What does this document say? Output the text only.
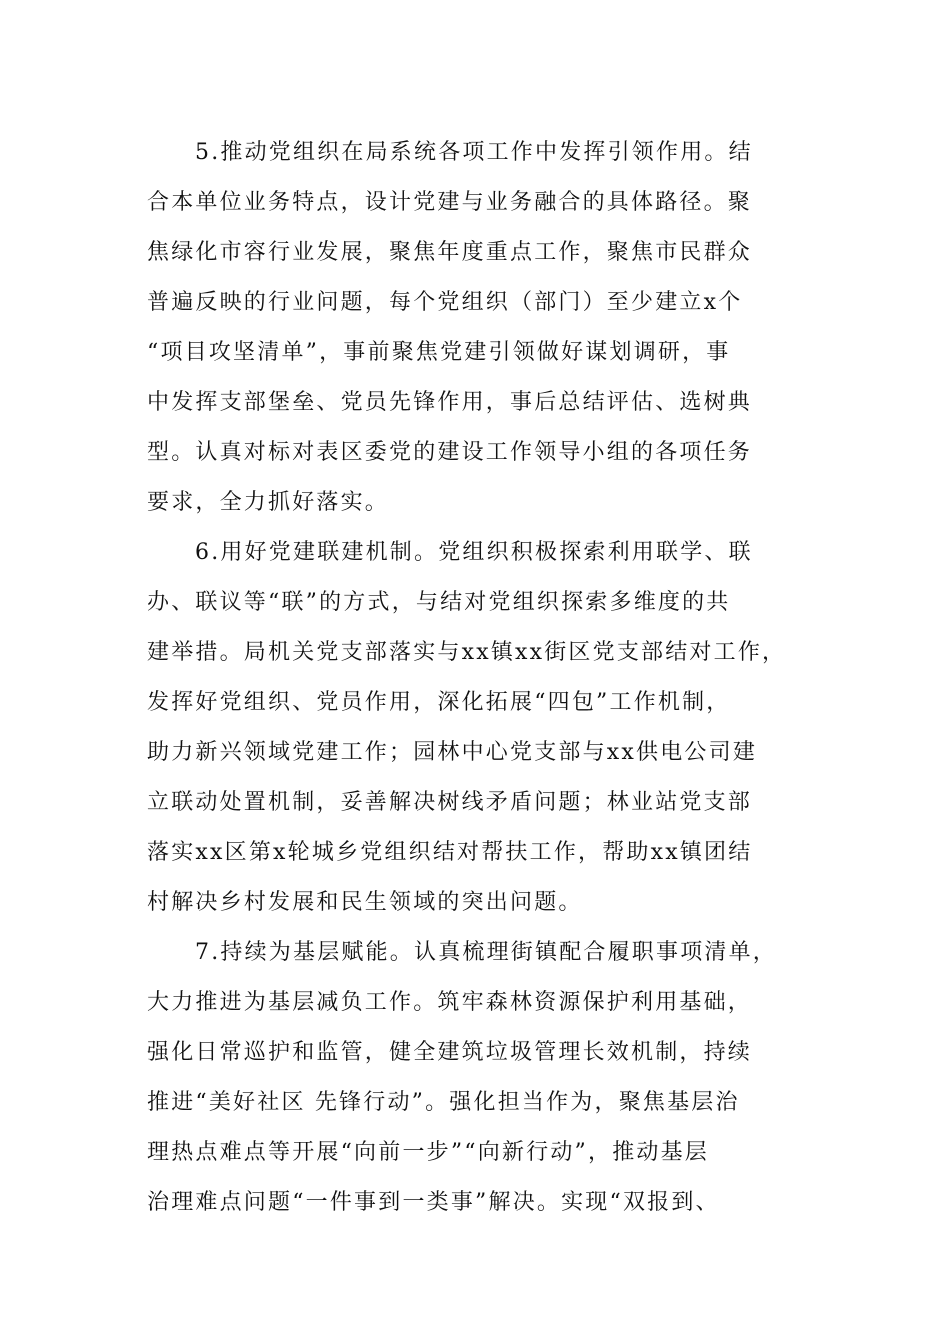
5.推动党组织在局系统各项工作中发挥引领作用。结
合本单位业务特点，设计党建与业务融合的具体路径。聚
焦绿化市容行业发展，聚焦年度重点工作，聚焦市民群众
普遍反映的行业问题，每个党组织（部门）至少建立x个
“项目攻坚清单”，事前聚焦党建引领做好谋划调研，事
中发挥支部堡垒、党员先锋作用，事后总结评估、选树典
型。认真对标对表区委党的建设工作领导小组的各项任务
要求，全力抓好落实。
6.用好党建联建机制。党组织积极探索利用联学、联
办、联议等“联”的方式，与结对党组织探索多维度的共
建举措。局机关党支部落实与xx镇xx街区党支部结对工作，
发挥好党组织、党员作用，深化拓展“四包”工作机制，
助力新兴领域党建工作；园林中心党支部与xx供电公司建
立联动处置机制，妥善解决树线矛盾问题；林业站党支部
落实xx区第x轮城乡党组织结对帮扶工作，帮助xx镇团结
村解决乡村发展和民生领域的突出问题。
7.持续为基层赋能。认真梳理街镇配合履职事项清单，
大力推进为基层减负工作。筑牢森林资源保护利用基础，
强化日常巡护和监管，健全建筑垃圾管理长效机制，持续
推进“美好社区 先锋行动”。强化担当作为，聚焦基层治
理热点难点等开展“向前一步”“向新行动”，推动基层
治理难点问题“一件事到一类事”解决。实现“双报到、
